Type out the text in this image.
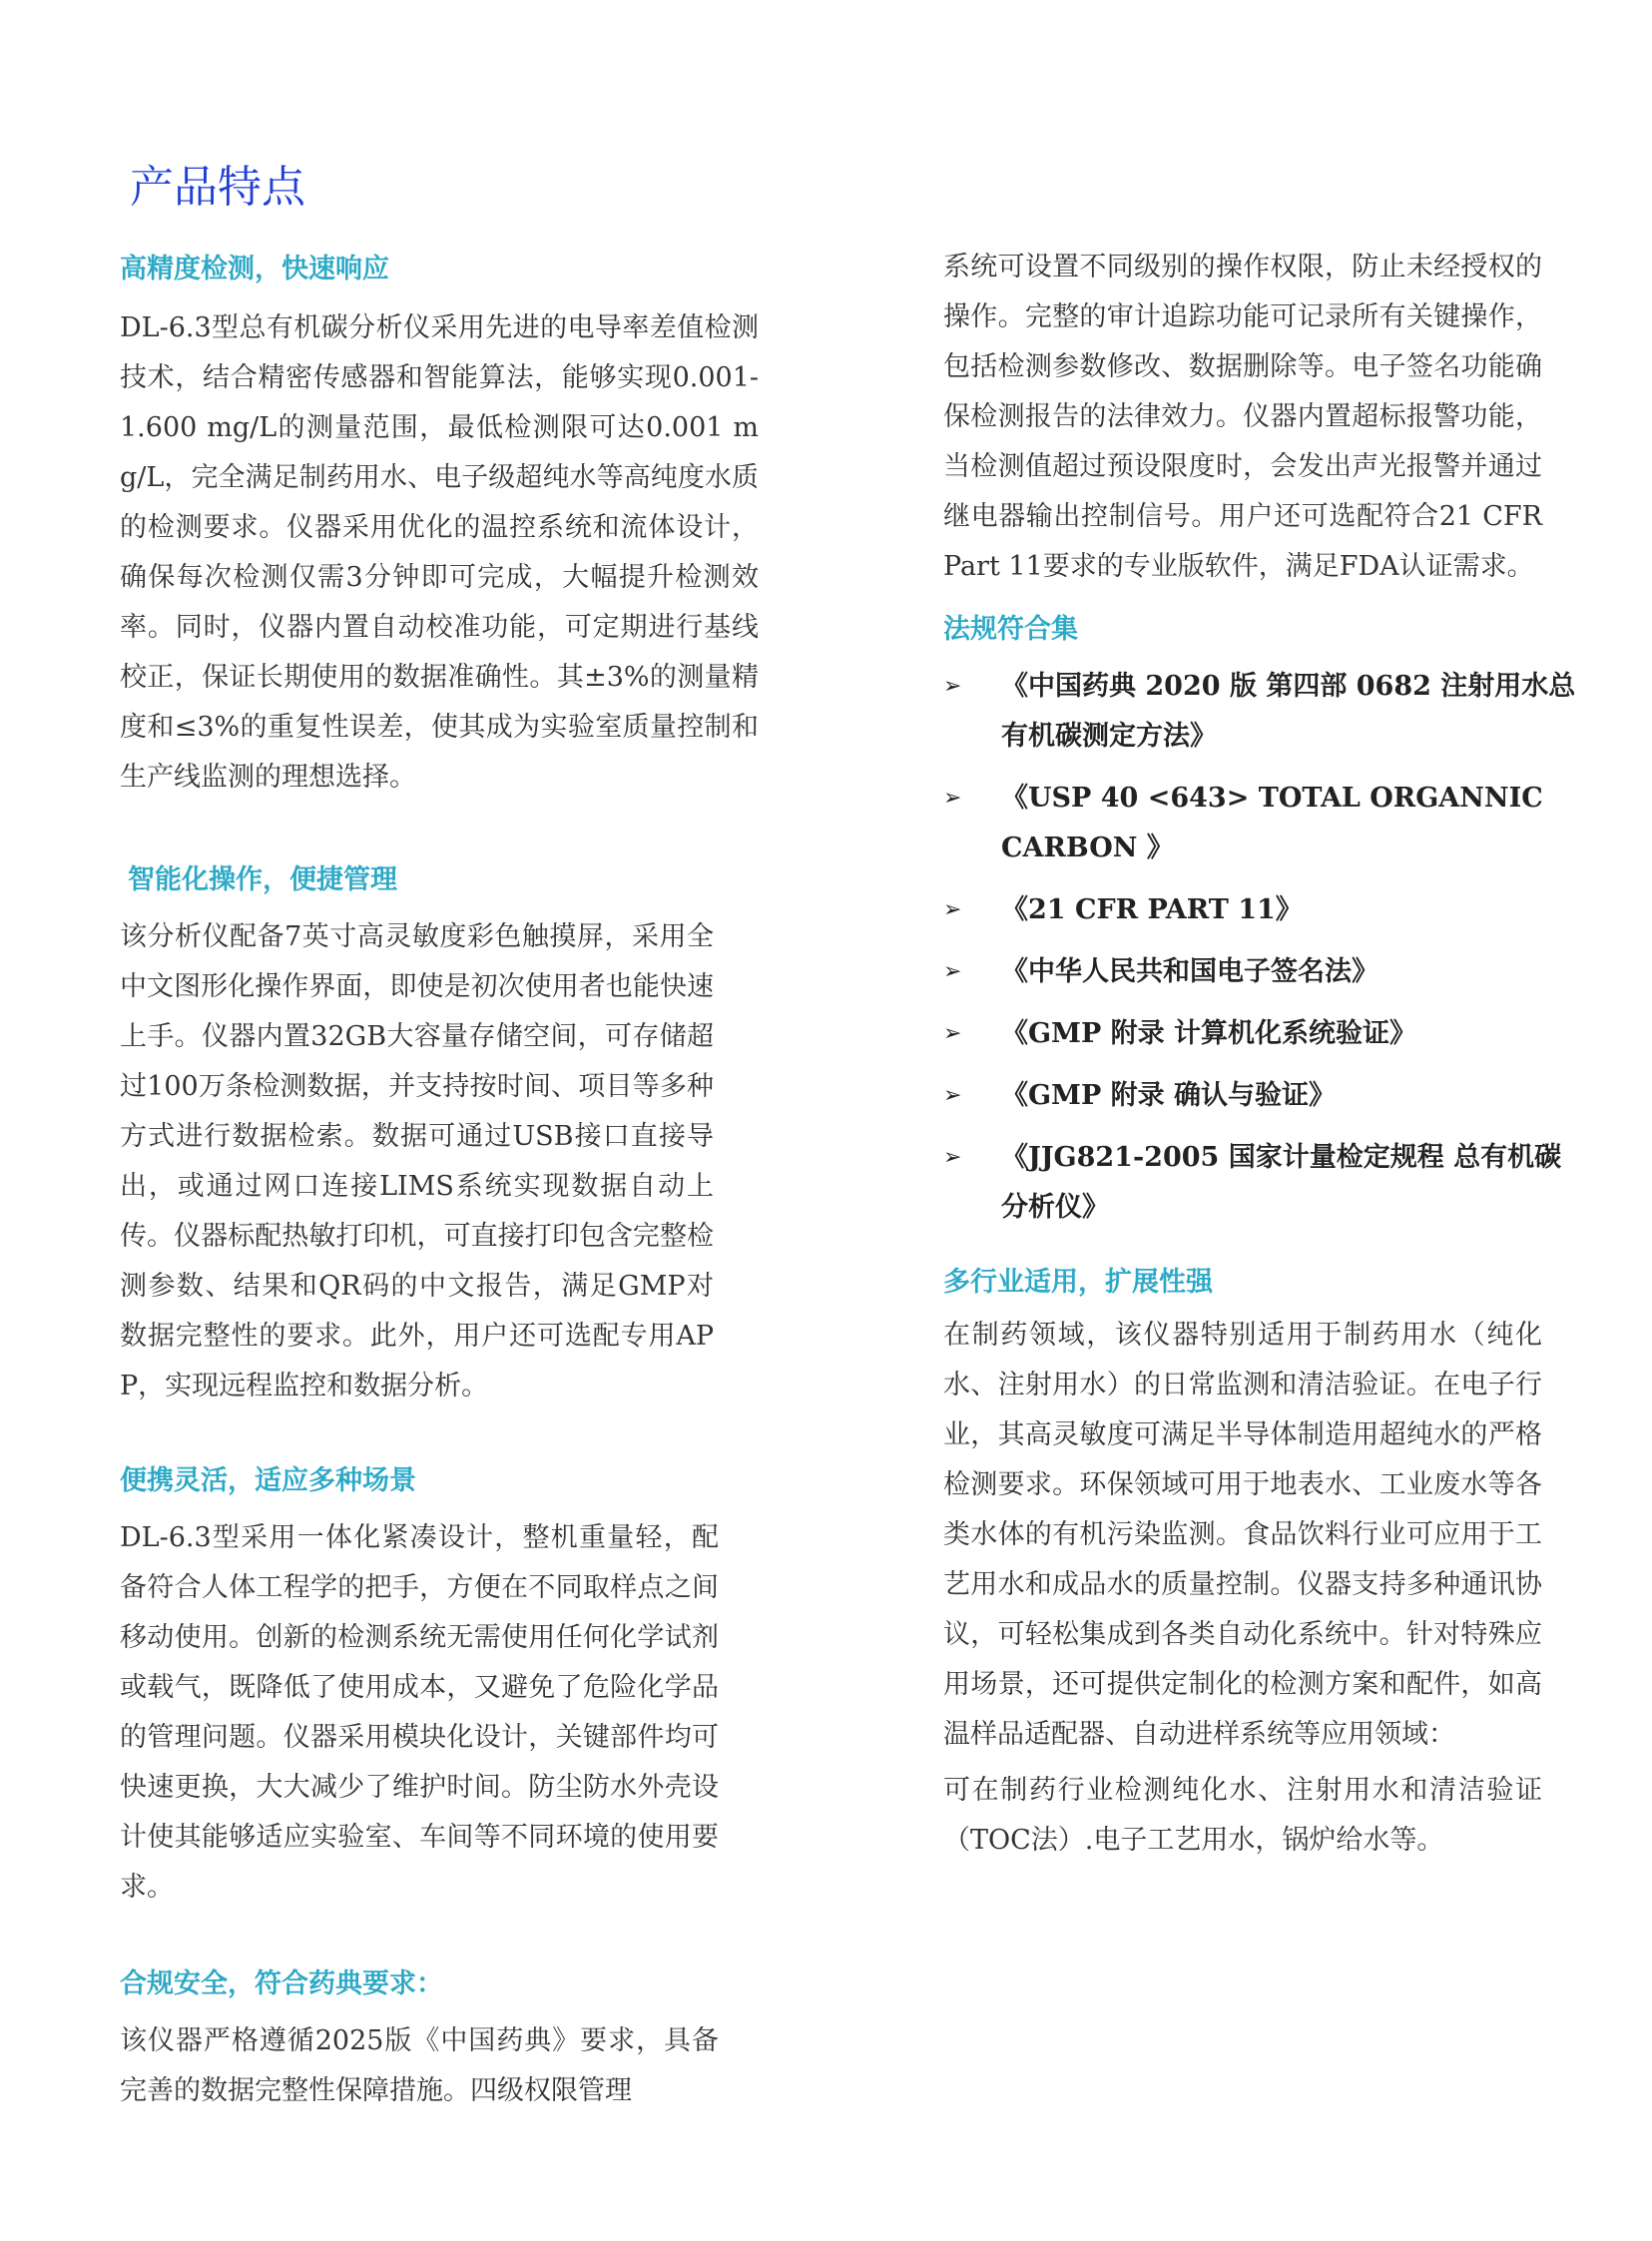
产品特点
高精度检测，快速响应

DL-6.3型总有机碳分析仪采用先进的电导率差值检测技术，结合精密传感器和智能算法，能够实现0.001-1.600 mg/L的测量范围，最低检测限可达0.001 mg/L，完全满足制药用水、电子级超纯水等高纯度水质的检测要求。仪器采用优化的温控系统和流体设计，确保每次检测仅需3分钟即可完成，大幅提升检测效率。同时，仪器内置自动校准功能，可定期进行基线校正，保证长期使用的数据准确性。其±3%的测量精度和≤3%的重复性误差，使其成为实验室质量控制和生产线监测的理想选择。

智能化操作，便捷管理

该分析仪配备7英寸高灵敏度彩色触摸屏，采用全中文图形化操作界面，即使是初次使用者也能快速上手。仪器内置32GB大容量存储空间，可存储超过100万条检测数据，并支持按时间、项目等多种方式进行数据检索。数据可通过USB接口直接导出，或通过网口连接LIMS系统实现数据自动上传。仪器标配热敏打印机，可直接打印包含完整检测参数、结果和QR码的中文报告，满足GMP对数据完整性的要求。此外，用户还可选配专用APP，实现远程监控和数据分析。

便携灵活，适应多种场景

DL-6.3型采用一体化紧凑设计，整机重量轻，配备符合人体工程学的把手，方便在不同取样点之间移动使用。创新的检测系统无需使用任何化学试剂或载气，既降低了使用成本，又避免了危险化学品的管理问题。仪器采用模块化设计，关键部件均可快速更换，大大减少了维护时间。防尘防水外壳设计使其能够适应实验室、车间等不同环境的使用要求。

合规安全，符合药典要求：

该仪器严格遵循2025版《中国药典》要求，具备完善的数据完整性保障措施。四级权限管理

系统可设置不同级别的操作权限，防止未经授权的操作。完整的审计追踪功能可记录所有关键操作，包括检测参数修改、数据删除等。电子签名功能确保检测报告的法律效力。仪器内置超标报警功能，当检测值超过预设限度时，会发出声光报警并通过继电器输出控制信号。用户还可选配符合21 CFR Part 11要求的专业版软件，满足FDA认证需求。

法规符合集
➢ 《中国药典 2020 版 第四部 0682 注射用水总有机碳测定方法》
➢ 《USP 40 <643> TOTAL ORGANNIC CARBON 》
➢ 《21 CFR PART 11》
➢ 《中华人民共和国电子签名法》
➢ 《GMP 附录 计算机化系统验证》
➢ 《GMP 附录 确认与验证》
➢ 《JJG821-2005 国家计量检定规程 总有机碳分析仪》
多行业适用，扩展性强

在制药领域，该仪器特别适用于制药用水（纯化水、注射用水）的日常监测和清洁验证。在电子行业，其高灵敏度可满足半导体制造用超纯水的严格检测要求。环保领域可用于地表水、工业废水等各类水体的有机污染监测。食品饮料行业可应用于工艺用水和成品水的质量控制。仪器支持多种通讯协议，可轻松集成到各类自动化系统中。针对特殊应用场景，还可提供定制化的检测方案和配件，如高温样品适配器、自动进样系统等应用领域：

可在制药行业检测纯化水、注射用水和清洁验证（TOC法）.电子工艺用水，锅炉给水等。
